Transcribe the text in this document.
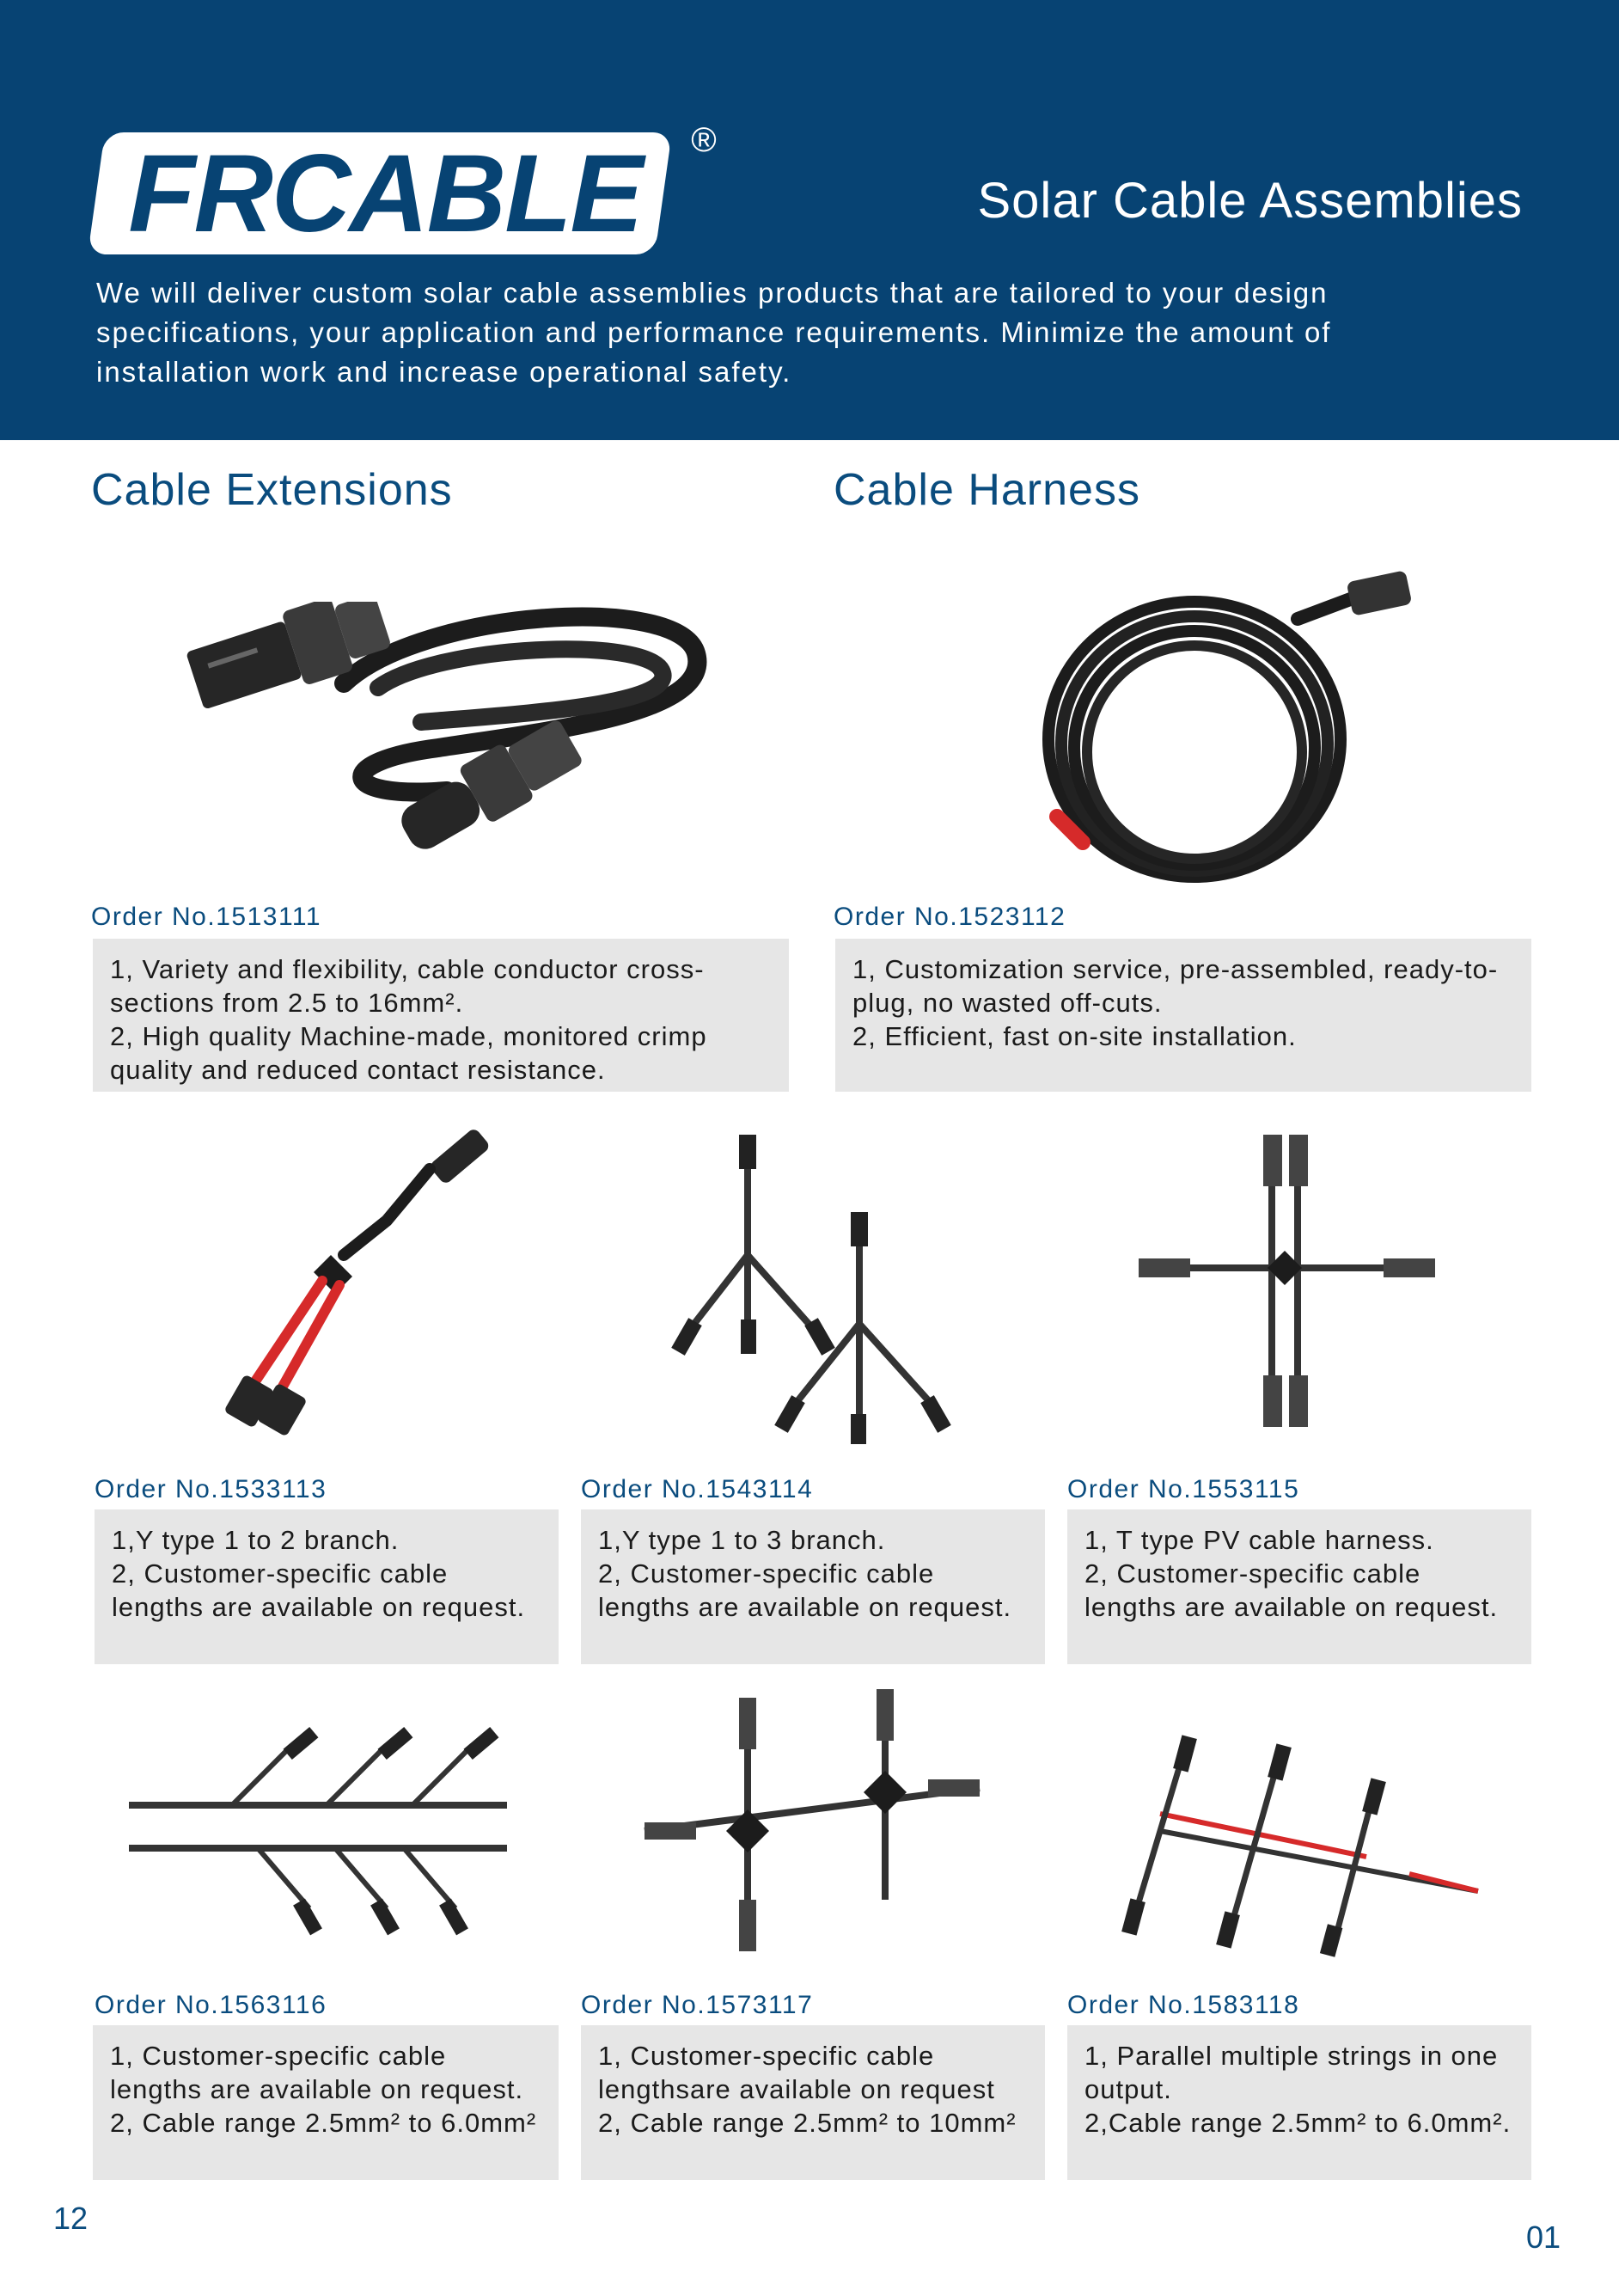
FRCABLE	®
Solar Cable Assemblies
We will deliver custom solar cable assemblies products that are tailored to your design specifications, your application and performance requirements. Minimize the amount of installation work and increase operational safety.
Cable Extensions	Cable Harness
Order No.1513111

1, Variety and flexibility, cable conductor cross-sections from 2.5 to 16mm².

2, High quality Machine-made, monitored crimp quality and reduced contact resistance.

Order No.1523112

1, Customization service, pre-assembled, ready-to-plug, no wasted off-cuts.

2, Efficient, fast on-site installation.

Order No.1533113

1,Y type 1 to 2 branch.

2, Customer-specific cable lengths are available on request.

Order No.1543114

1,Y type 1 to 3 branch.

2, Customer-specific cable lengths are available on request.

Order No.1553115

1, T type PV cable harness.

2, Customer-specific cable lengths are available on request.

Order No.1563116

1, Customer-specific cable lengths are available on request.

2, Cable range 2.5mm² to 6.0mm²

Order No.1573117

1, Customer-specific cable lengthsare available on request

2, Cable range 2.5mm² to 10mm²

Order No.1583118

1, Parallel multiple strings in one output.

2,Cable range 2.5mm² to 6.0mm².

12
01
